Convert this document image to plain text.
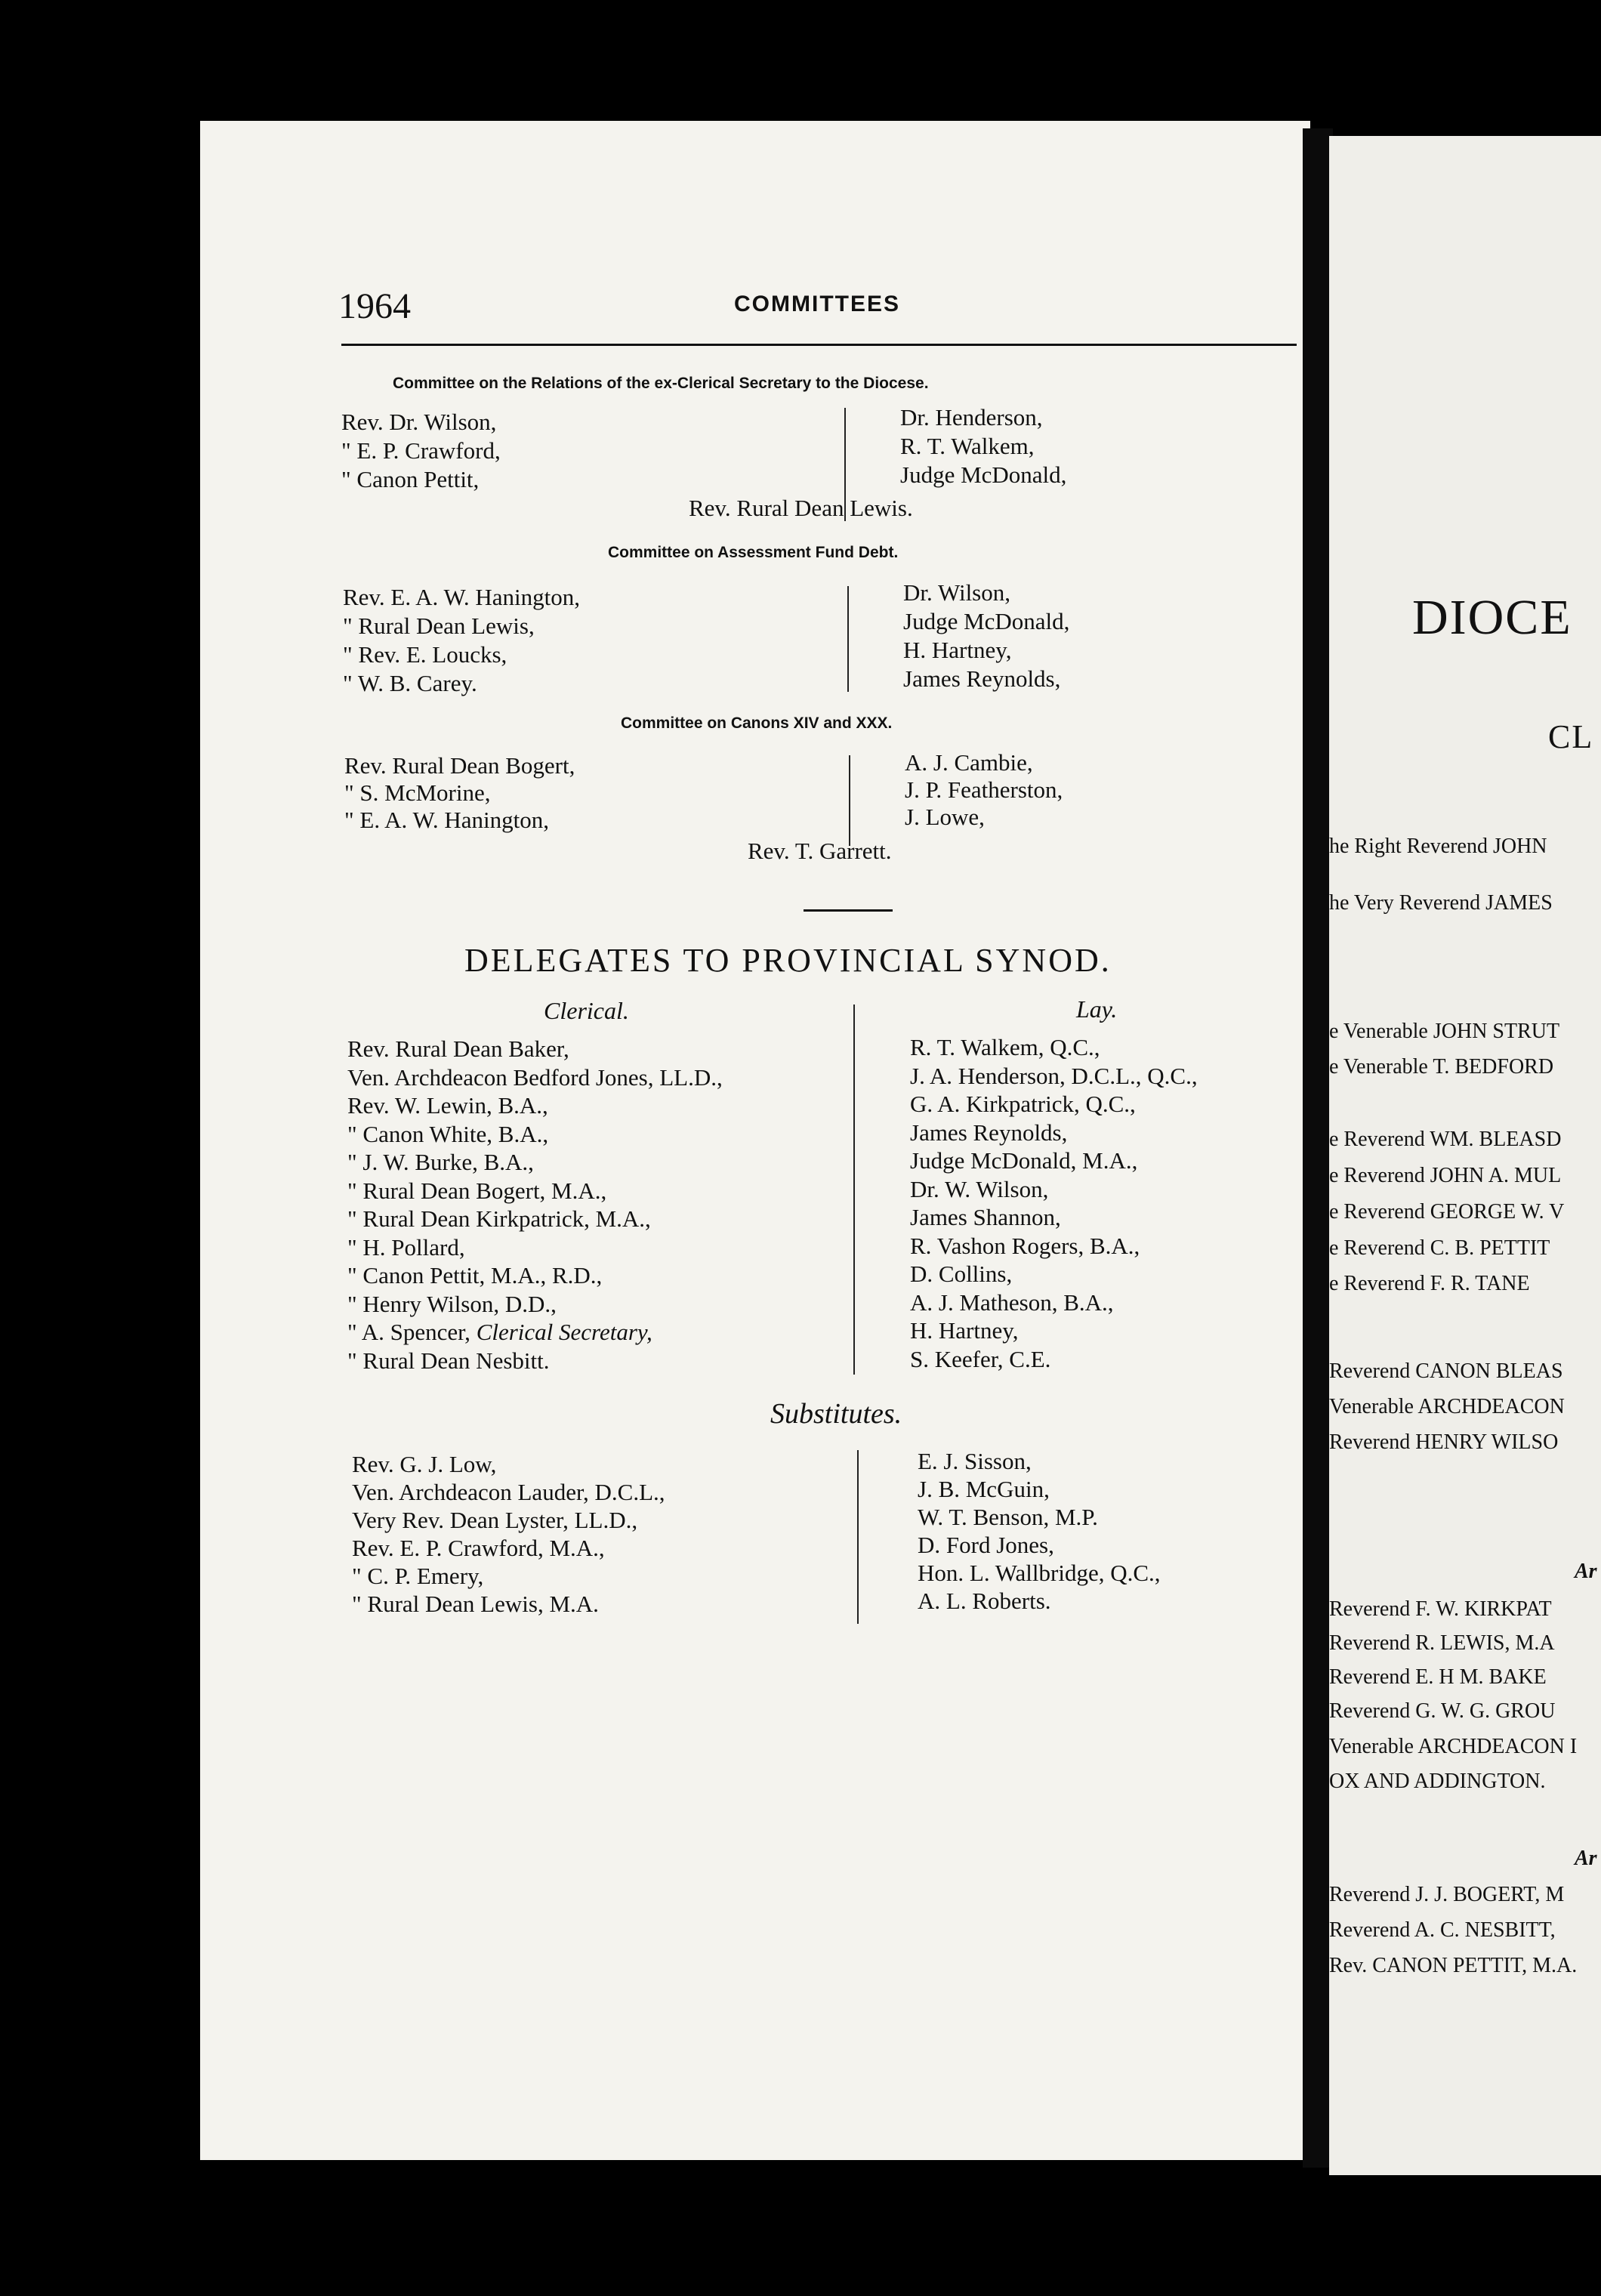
DIOCE
CL
he Right Reverend JOHN
he Very Reverend JAMES
e Venerable JOHN STRUT
e Venerable T. BEDFORD
e Reverend WM. BLEASD
e Reverend JOHN A. MUL
e Reverend GEORGE W. V
e Reverend C. B. PETTIT
e Reverend F. R. TANE
Reverend CANON BLEAS
Venerable ARCHDEACON
Reverend HENRY WILSO
Ar
Reverend F. W. KIRKPAT
Reverend R. LEWIS, M.A
Reverend E. H M. BAKE
Reverend G. W. G. GROU
Venerable ARCHDEACON I
OX AND ADDINGTON.
Ar
Reverend J. J. BOGERT, M
Reverend A. C. NESBITT,
Rev. CANON PETTIT, M.A.
1964	COMMITTEES
Committee on the Relations of the ex-Clerical Secretary to the Diocese.
Rev. Dr. Wilson,
" E. P. Crawford,
" Canon Pettit,
Dr. Henderson,
R. T. Walkem,
Judge McDonald,
Rev. Rural Dean Lewis.
Committee on Assessment Fund Debt.
Rev. E. A. W. Hanington,
" Rural Dean Lewis,
" Rev. E. Loucks,
" W. B. Carey.
Dr. Wilson,
Judge McDonald,
H. Hartney,
James Reynolds,
Committee on Canons XIV and XXX.
Rev. Rural Dean Bogert,
" S. McMorine,
" E. A. W. Hanington,
A. J. Cambie,
J. P. Featherston,
J. Lowe,
Rev. T. Garrett.
DELEGATES TO PROVINCIAL SYNOD.
Clerical.	Lay.
Rev. Rural Dean Baker,
Ven. Archdeacon Bedford Jones, LL.D.,
Rev. W. Lewin, B.A.,
" Canon White, B.A.,
" J. W. Burke, B.A.,
" Rural Dean Bogert, M.A.,
" Rural Dean Kirkpatrick, M.A.,
" H. Pollard,
" Canon Pettit, M.A., R.D.,
" Henry Wilson, D.D.,
" A. Spencer, Clerical Secretary,
" Rural Dean Nesbitt.
R. T. Walkem, Q.C.,
J. A. Henderson, D.C.L., Q.C.,
G. A. Kirkpatrick, Q.C.,
James Reynolds,
Judge McDonald, M.A.,
Dr. W. Wilson,
James Shannon,
R. Vashon Rogers, B.A.,
D. Collins,
A. J. Matheson, B.A.,
H. Hartney,
S. Keefer, C.E.
Substitutes.
Rev. G. J. Low,
Ven. Archdeacon Lauder, D.C.L.,
Very Rev. Dean Lyster, LL.D.,
Rev. E. P. Crawford, M.A.,
" C. P. Emery,
" Rural Dean Lewis, M.A.
E. J. Sisson,
J. B. McGuin,
W. T. Benson, M.P.
D. Ford Jones,
Hon. L. Wallbridge, Q.C.,
A. L. Roberts.
